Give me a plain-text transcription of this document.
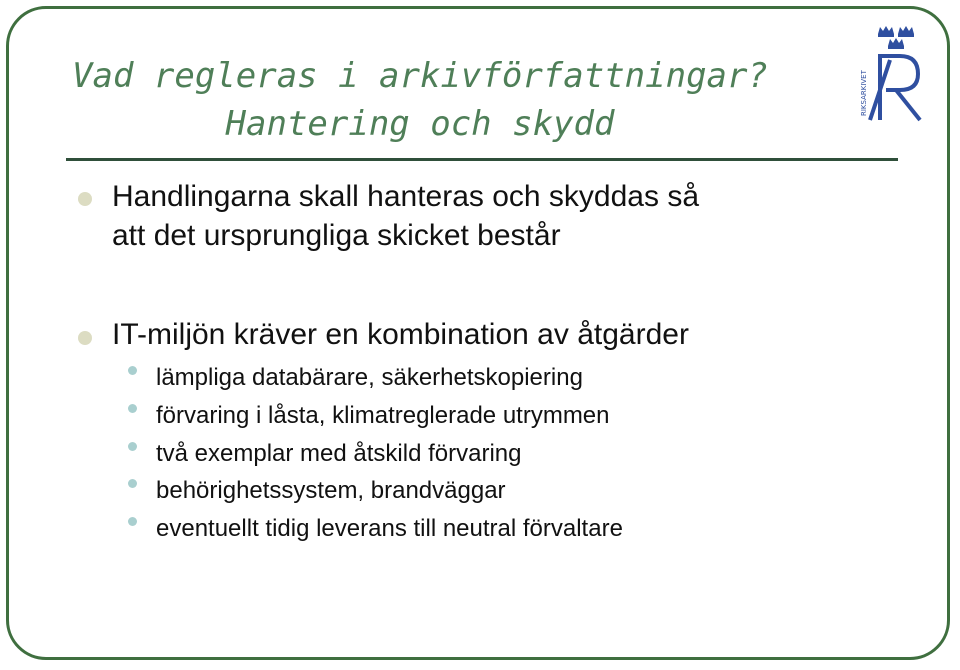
Vad regleras i arkivförfattningar?
Hantering och skydd
RIKSARKIVET
Handlingarna skall hanteras och skyddas så
att det ursprungliga skicket består
IT-miljön kräver en kombination av åtgärder
lämpliga databärare, säkerhetskopiering
förvaring i låsta, klimatreglerade utrymmen
två exemplar med åtskild förvaring
behörighetssystem, brandväggar
eventuellt tidig leverans till neutral förvaltare
